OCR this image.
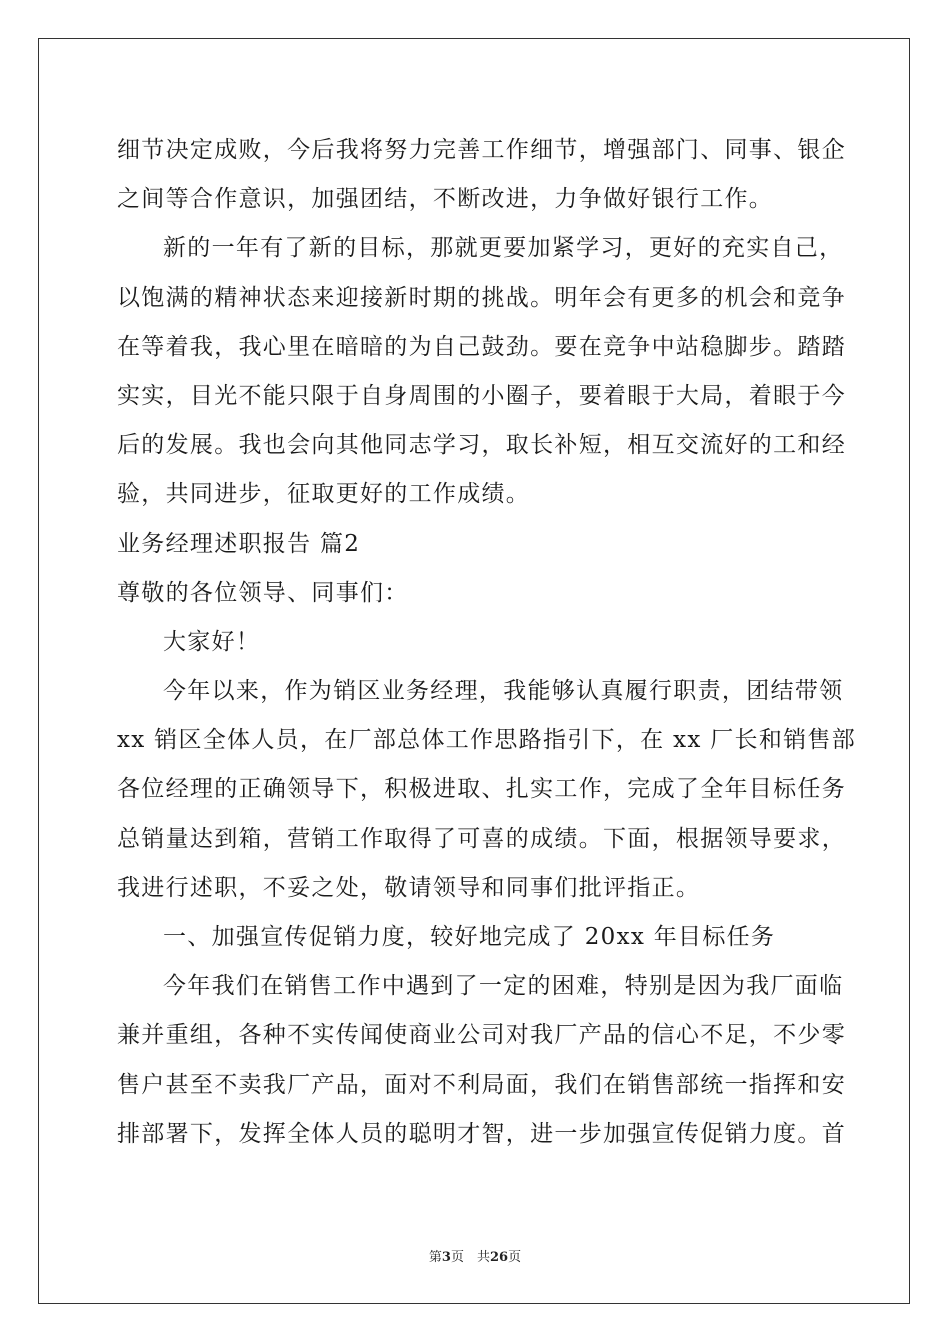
细节决定成败，今后我将努力完善工作细节，增强部门、同事、银企
之间等合作意识，加强团结，不断改进，力争做好银行工作。
新的一年有了新的目标，那就更要加紧学习，更好的充实自己，
以饱满的精神状态来迎接新时期的挑战。明年会有更多的机会和竞争
在等着我，我心里在暗暗的为自己鼓劲。要在竞争中站稳脚步。踏踏
实实，目光不能只限于自身周围的小圈子，要着眼于大局，着眼于今
后的发展。我也会向其他同志学习，取长补短，相互交流好的工和经
验，共同进步，征取更好的工作成绩。
业务经理述职报告 篇2
尊敬的各位领导、同事们：
大家好！
今年以来，作为销区业务经理，我能够认真履行职责，团结带领
xx 销区全体人员，在厂部总体工作思路指引下，在 xx 厂长和销售部
各位经理的正确领导下，积极进取、扎实工作，完成了全年目标任务
总销量达到箱，营销工作取得了可喜的成绩。下面，根据领导要求，
我进行述职，不妥之处，敬请领导和同事们批评指正。
一、加强宣传促销力度，较好地完成了 20xx 年目标任务
今年我们在销售工作中遇到了一定的困难，特别是因为我厂面临
兼并重组，各种不实传闻使商业公司对我厂产品的信心不足，不少零
售户甚至不卖我厂产品，面对不利局面，我们在销售部统一指挥和安
排部署下，发挥全体人员的聪明才智，进一步加强宣传促销力度。首
第3页　共26页
